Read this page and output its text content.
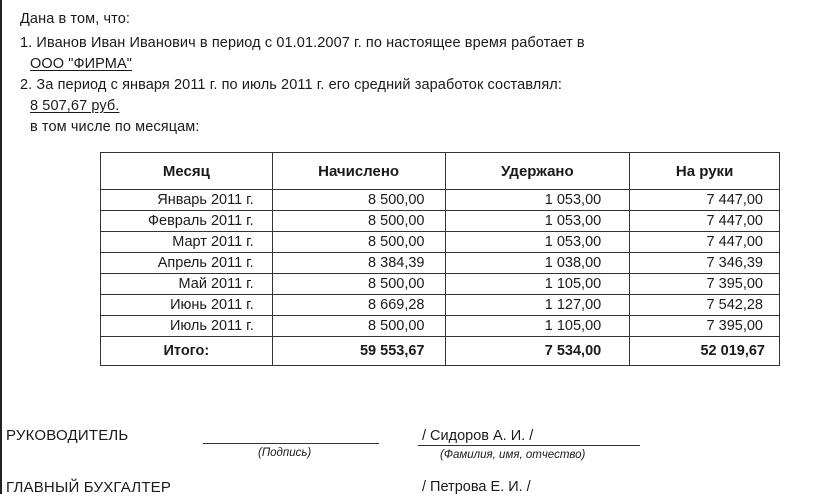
Дана в том, что:
1. Иванов Иван Иванович в период с 01.01.2007 г. по настоящее время работает в
ООО "ФИРМА"
2. За период с января 2011 г. по июль 2011 г. его средний заработок составлял:
8 507,67 руб.
в том числе по месяцам:
Месяц	Начислено	Удержано	На руки
Январь 2011 г.	8 500,00	1 053,00	7 447,00
Февраль 2011 г.	8 500,00	1 053,00	7 447,00
Март 2011 г.	8 500,00	1 053,00	7 447,00
Апрель 2011 г.	8 384,39	1 038,00	7 346,39
Май 2011 г.	8 500,00	1 105,00	7 395,00
Июнь 2011 г.	8 669,28	1 127,00	7 542,28
Июль 2011 г.	8 500,00	1 105,00	7 395,00
Итого:	59 553,67	7 534,00	52 019,67
РУКОВОДИТЕЛЬ
(Подпись)
/ Сидоров А. И. /
(Фамилия, имя, отчество)
ГЛАВНЫЙ БУХГАЛТЕР	/ Петрова Е. И. /
